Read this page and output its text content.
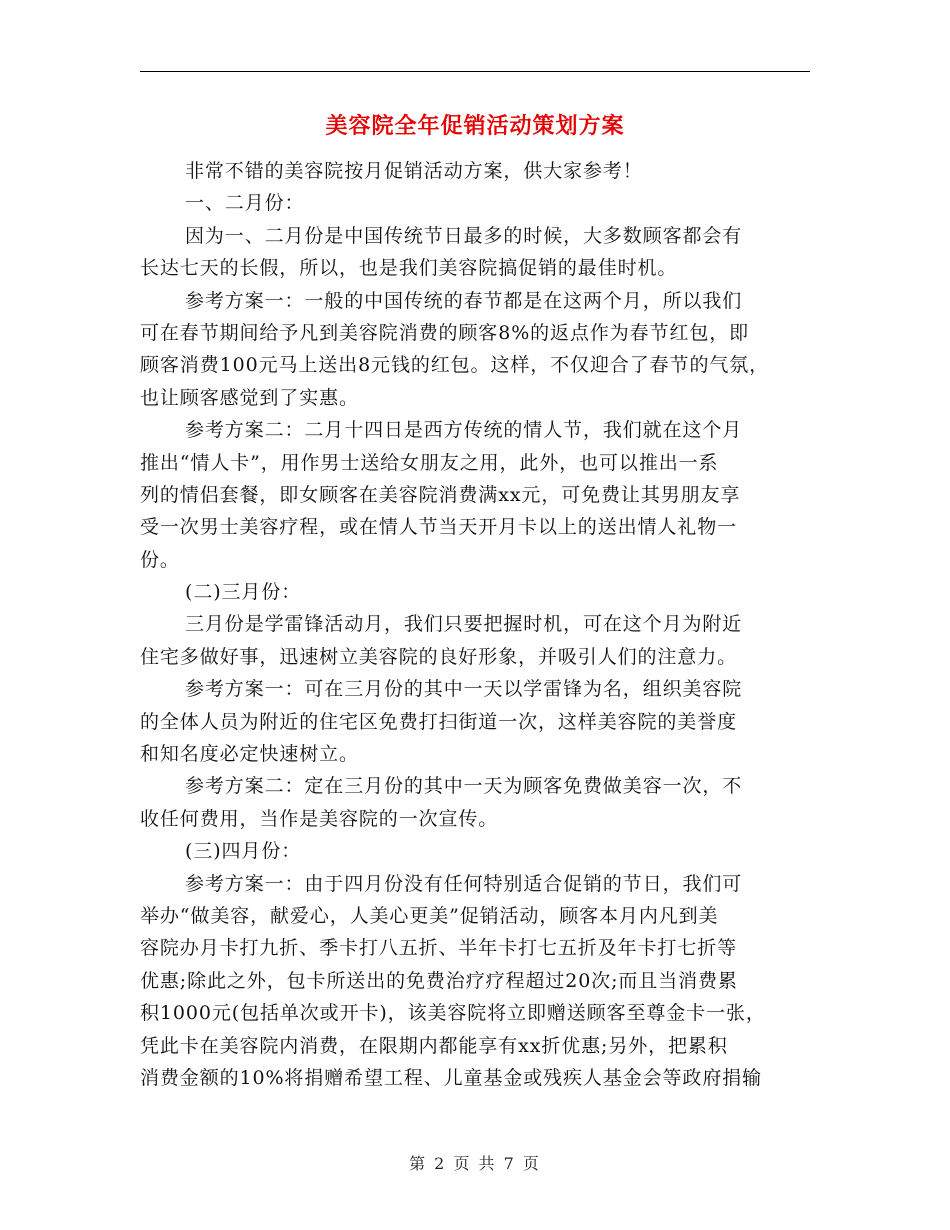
美容院全年促销活动策划方案
非常不错的美容院按月促销活动方案，供大家参考！
一、二月份：
因为一、二月份是中国传统节日最多的时候，大多数顾客都会有
长达七天的长假，所以，也是我们美容院搞促销的最佳时机。
参考方案一：一般的中国传统的春节都是在这两个月，所以我们
可在春节期间给予凡到美容院消费的顾客8%的返点作为春节红包，即
顾客消费100元马上送出8元钱的红包。这样，不仅迎合了春节的气氛，
也让顾客感觉到了实惠。
参考方案二：二月十四日是西方传统的情人节，我们就在这个月
推出“情人卡”，用作男士送给女朋友之用，此外，也可以推出一系
列的情侣套餐，即女顾客在美容院消费满xx元，可免费让其男朋友享
受一次男士美容疗程，或在情人节当天开月卡以上的送出情人礼物一
份。
(二)三月份：
三月份是学雷锋活动月，我们只要把握时机，可在这个月为附近
住宅多做好事，迅速树立美容院的良好形象，并吸引人们的注意力。
参考方案一：可在三月份的其中一天以学雷锋为名，组织美容院
的全体人员为附近的住宅区免费打扫街道一次，这样美容院的美誉度
和知名度必定快速树立。
参考方案二：定在三月份的其中一天为顾客免费做美容一次，不
收任何费用，当作是美容院的一次宣传。
(三)四月份：
参考方案一：由于四月份没有任何特别适合促销的节日，我们可
举办“做美容，献爱心，人美心更美”促销活动，顾客本月内凡到美
容院办月卡打九折、季卡打八五折、半年卡打七五折及年卡打七折等
优惠;除此之外，包卡所送出的免费治疗疗程超过20次;而且当消费累
积1000元(包括单次或开卡)，该美容院将立即赠送顾客至尊金卡一张，
凭此卡在美容院内消费，在限期内都能享有xx折优惠;另外，把累积
消费金额的10%将捐赠希望工程、儿童基金或残疾人基金会等政府捐输
第 2 页 共 7 页
